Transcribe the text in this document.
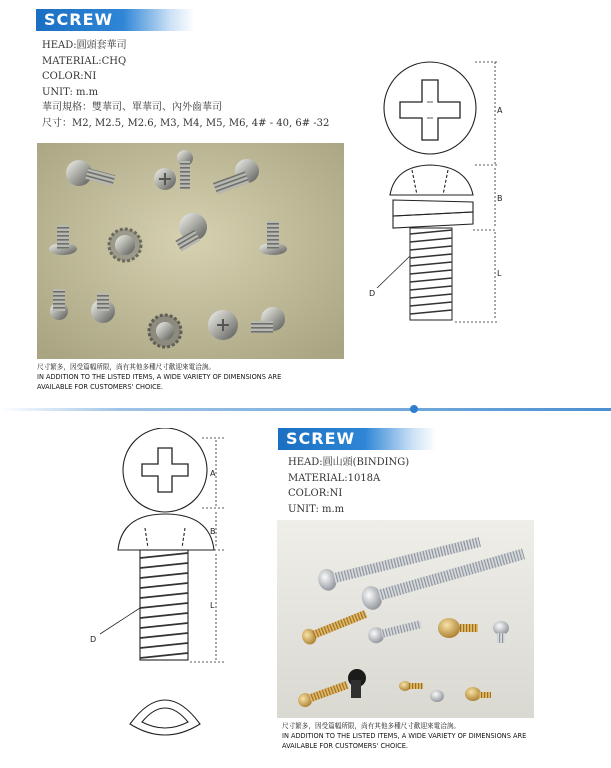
SCREW
HEAD:圓頭套華司
MATERIAL:CHQ
COLOR:NI
UNIT: m.m
華司規格：雙華司、單華司、內外齒華司
尺寸：M2, M2.5, M2.6, M3, M4, M5, M6, 4# - 40, 6# -32
尺寸繁多，因受篇幅所限，尚有其他多種尺寸歡迎來電洽詢。
IN ADDITION TO THE LISTED ITEMS, A WIDE VARIETY OF DIMENSIONS ARE
AVAILABLE FOR CUSTOMERS' CHOICE.
A
B
L
D
A
B
L
D
SCREW
HEAD:圓山頭(BINDING)
MATERIAL:1018A
COLOR:NI
UNIT: m.m
尺寸繁多，因受篇幅所限，尚有其他多種尺寸歡迎來電洽詢。
IN ADDITION TO THE LISTED ITEMS, A WIDE VARIETY OF DIMENSIONS ARE
AVAILABLE FOR CUSTOMERS' CHOICE.
